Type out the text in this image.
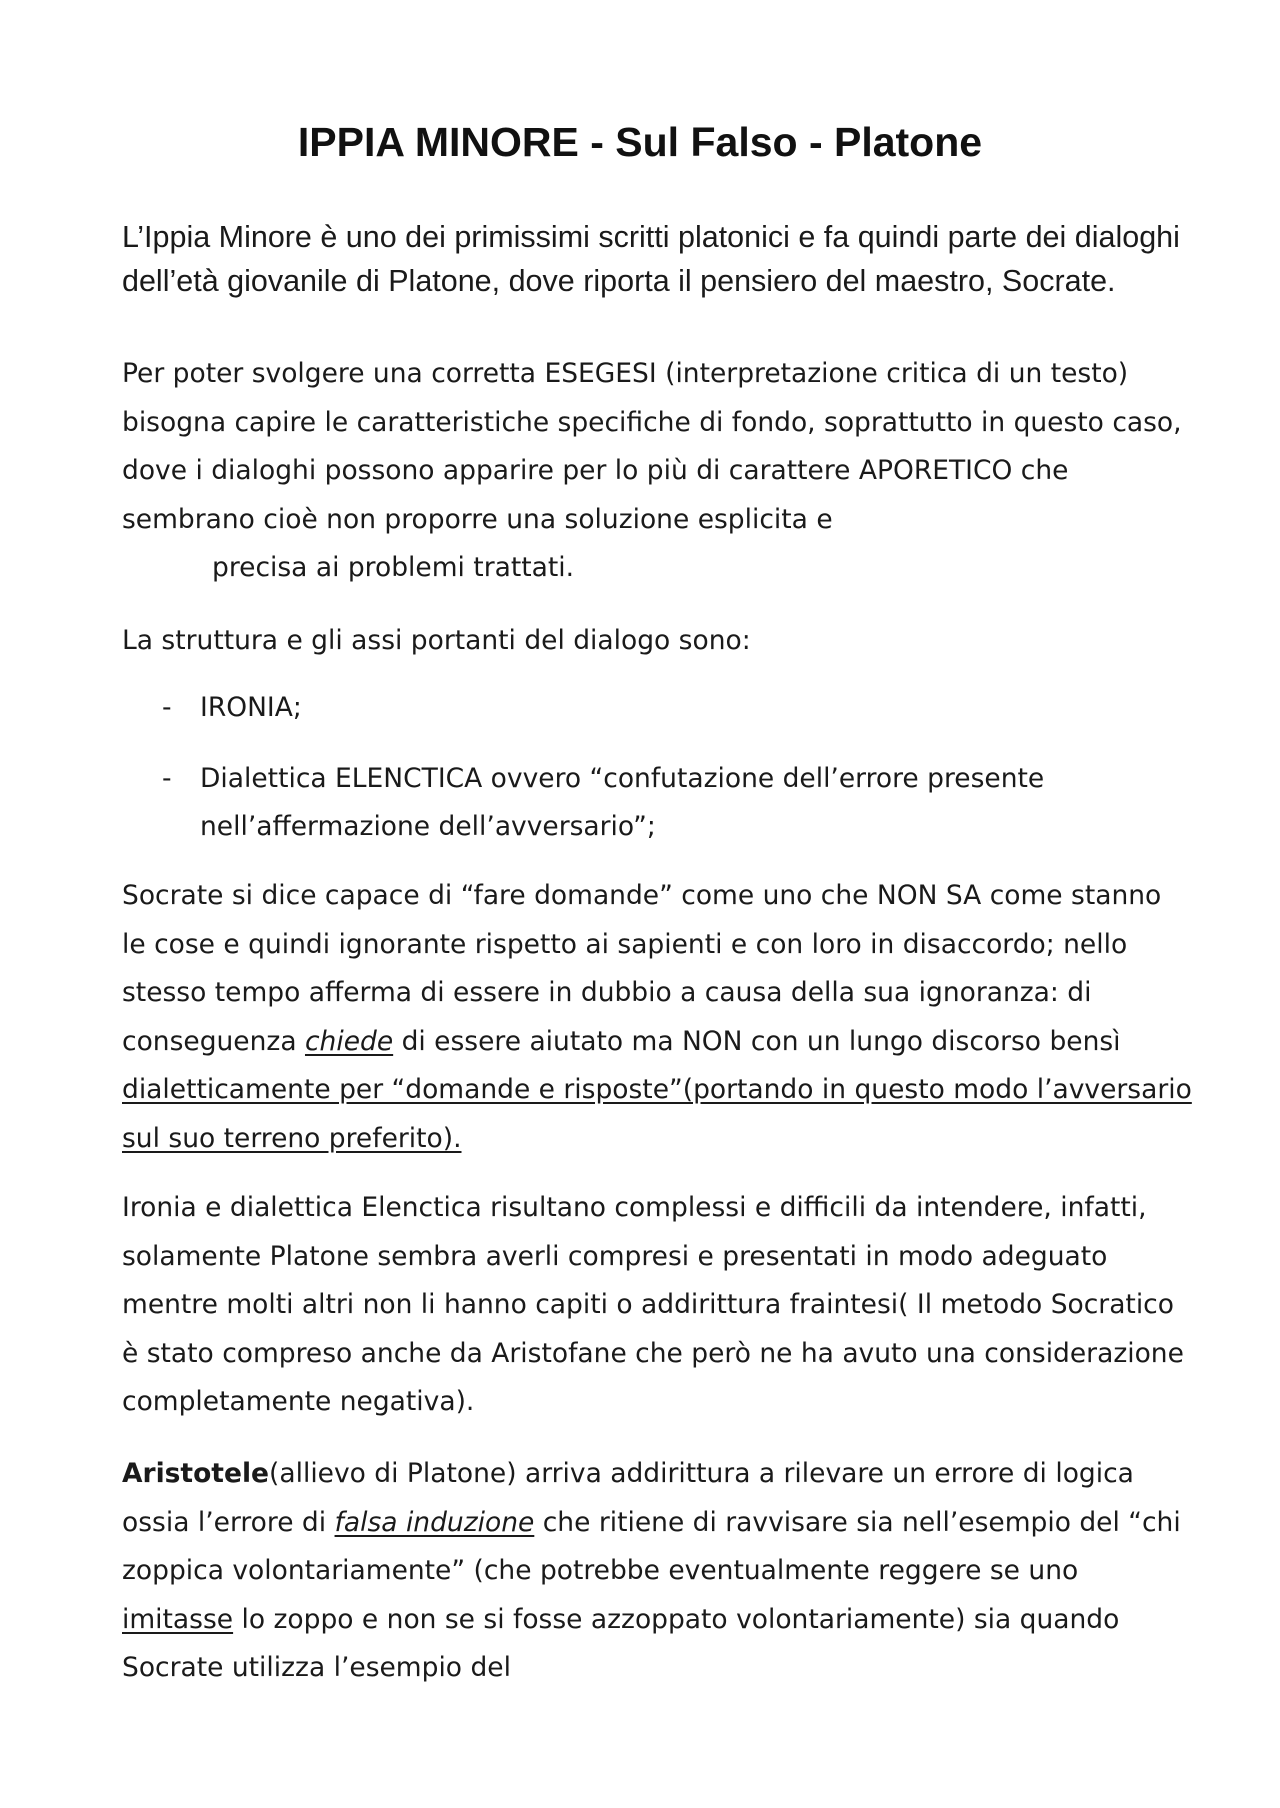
IPPIA MINORE - Sul Falso - Platone
L’Ippia Minore è uno dei primissimi scritti platonici e fa quindi parte dei dialoghi dell’età giovanile di Platone, dove riporta il pensiero del maestro, Socrate.
Per poter svolgere una corretta ESEGESI (interpretazione critica di un testo) bisogna capire le caratteristiche specifiche di fondo, soprattutto in questo caso, dove i dialoghi possono apparire per lo più di carattere APORETICO che sembrano cioè non proporre una soluzione esplicita e
precisa ai problemi trattati.
La struttura e gli assi portanti del dialogo sono:
- IRONIA;
- Dialettica ELENCTICA ovvero “confutazione dell’errore presente nell’affermazione dell’avversario”;
Socrate si dice capace di “fare domande” come uno che NON SA come stanno le cose e quindi ignorante rispetto ai sapienti e con loro in disaccordo; nello stesso tempo afferma di essere in dubbio a causa della sua ignoranza: di conseguenza chiede di essere aiutato ma NON con un lungo discorso bensì dialetticamente per “domande e risposte”(portando in questo modo l’avversario sul suo terreno preferito).
Ironia e dialettica Elenctica risultano complessi e difficili da intendere, infatti, solamente Platone sembra averli compresi e presentati in modo adeguato mentre molti altri non li hanno capiti o addirittura fraintesi( Il metodo Socratico è stato compreso anche da Aristofane che però ne ha avuto una considerazione completamente negativa).
Aristotele(allievo di Platone) arriva addirittura a rilevare un errore di logica ossia l’errore di falsa induzione che ritiene di ravvisare sia nell’esempio del “chi zoppica volontariamente” (che potrebbe eventualmente reggere se uno imitasse lo zoppo e non se si fosse azzoppato volontariamente) sia quando Socrate utilizza l’esempio del
